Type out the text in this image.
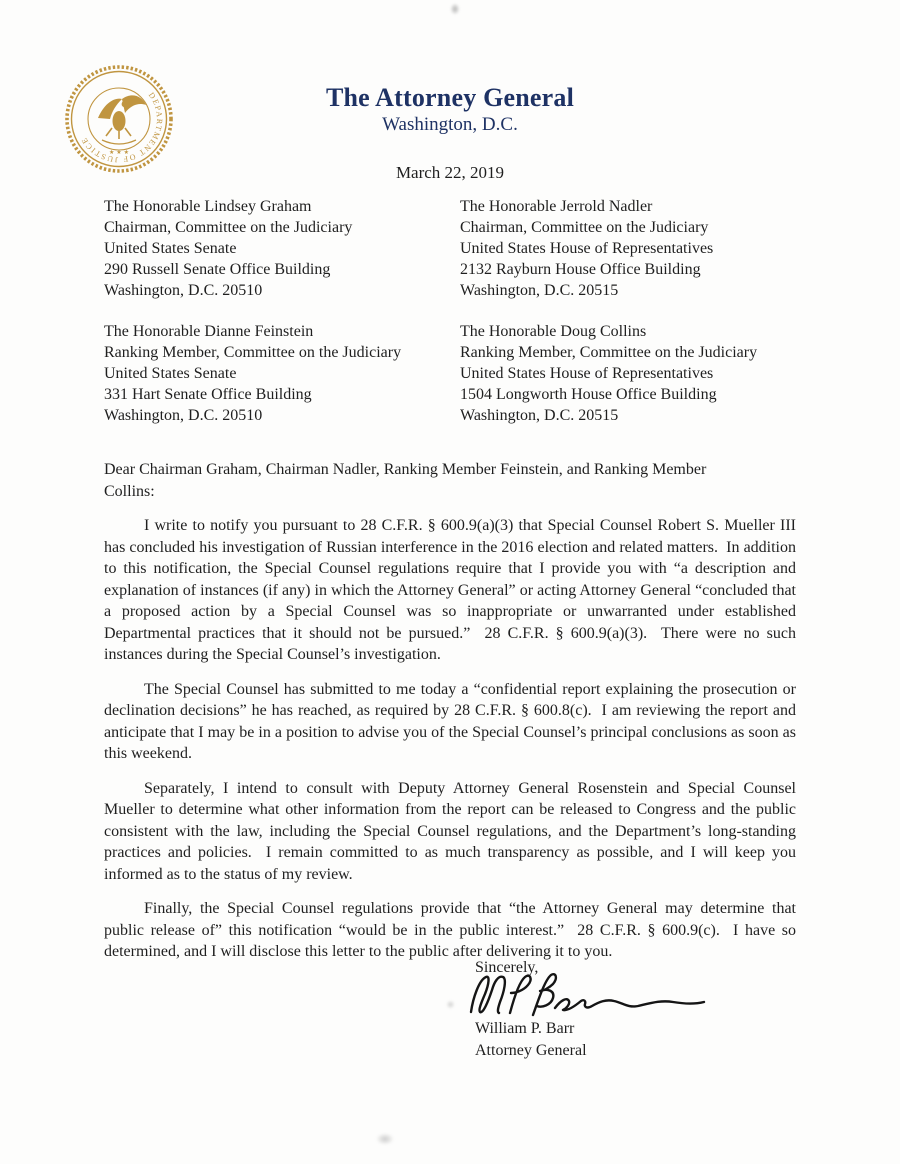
DEPARTMENT OF JUSTICE
★ ★ ★
The Attorney General
Washington, D.C.
March 22, 2019
The Honorable Lindsey Graham
Chairman, Committee on the Judiciary
United States Senate
290 Russell Senate Office Building
Washington, D.C. 20510
The Honorable Jerrold Nadler
Chairman, Committee on the Judiciary
United States House of Representatives
2132 Rayburn House Office Building
Washington, D.C. 20515
The Honorable Dianne Feinstein
Ranking Member, Committee on the Judiciary
United States Senate
331 Hart Senate Office Building
Washington, D.C. 20510
The Honorable Doug Collins
Ranking Member, Committee on the Judiciary
United States House of Representatives
1504 Longworth House Office Building
Washington, D.C. 20515
Dear Chairman Graham, Chairman Nadler, Ranking Member Feinstein, and Ranking Member
Collins:

I write to notify you pursuant to 28 C.F.R. § 600.9(a)(3) that Special Counsel Robert S. Mueller III has concluded his investigation of Russian interference in the 2016 election and related matters.  In addition to this notification, the Special Counsel regulations require that I provide you with “a description and explanation of instances (if any) in which the Attorney General” or acting Attorney General “concluded that a proposed action by a Special Counsel was so inappropriate or unwarranted under established Departmental practices that it should not be pursued.”  28 C.F.R. § 600.9(a)(3).  There were no such instances during the Special Counsel’s investigation.

The Special Counsel has submitted to me today a “confidential report explaining the prosecution or declination decisions” he has reached, as required by 28 C.F.R. § 600.8(c).  I am reviewing the report and anticipate that I may be in a position to advise you of the Special Counsel’s principal conclusions as soon as this weekend.

Separately, I intend to consult with Deputy Attorney General Rosenstein and Special Counsel Mueller to determine what other information from the report can be released to Congress and the public consistent with the law, including the Special Counsel regulations, and the Department’s long-standing practices and policies.  I remain committed to as much transparency as possible, and I will keep you informed as to the status of my review.

Finally, the Special Counsel regulations provide that “the Attorney General may determine that public release of” this notification “would be in the public interest.”  28 C.F.R. § 600.9(c).  I have so determined, and I will disclose this letter to the public after delivering it to you.

Sincerely,
William P. Barr
Attorney General
